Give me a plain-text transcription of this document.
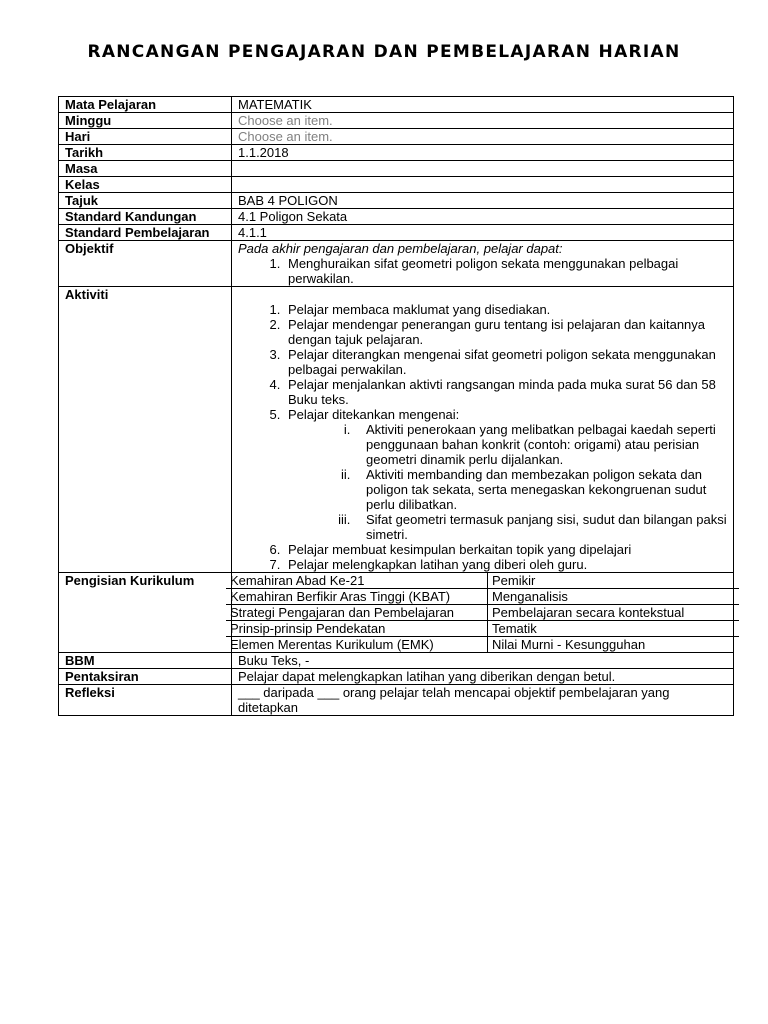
RANCANGAN PENGAJARAN DAN PEMBELAJARAN HARIAN
Mata Pelajaran	MATEMATIK
Minggu	Choose an item.
Hari	Choose an item.
Tarikh	1.1.2018
Masa	
Kelas	
Tajuk	BAB 4 POLIGON
Standard Kandungan	4.1 Poligon Sekata
Standard Pembelajaran	4.1.1
Objektif	Pada akhir pengajaran dan pembelajaran, pelajar dapat:
1. Menghuraikan sifat geometri poligon sekata menggunakan pelbagai perwakilan.

Aktiviti	
1. Pelajar membaca maklumat yang disediakan.
2. Pelajar mendengar penerangan guru tentang isi pelajaran dan kaitannya dengan tajuk pelajaran.
3. Pelajar diterangkan mengenai sifat geometri poligon sekata menggunakan pelbagai perwakilan.
4. Pelajar menjalankan aktivti rangsangan minda pada muka surat 56 dan 58 Buku teks.
5. Pelajar ditekankan mengenai:
i. Aktiviti penerokaan yang melibatkan pelbagai kaedah seperti penggunaan bahan konkrit (contoh: origami) atau perisian geometri dinamik perlu dijalankan.
ii. Aktiviti membanding dan membezakan poligon sekata dan poligon tak sekata, serta menegaskan kekongruenan sudut perlu dilibatkan.
iii. Sifat geometri termasuk panjang sisi, sudut dan bilangan paksi simetri.
6. Pelajar membuat kesimpulan berkaitan topik yang dipelajari
7. Pelajar melengkapkan latihan yang diberi oleh guru.

Pengisian Kurikulum		Kemahiran Abad Ke-21	Pemikir
Kemahiran Berfikir Aras Tinggi (KBAT)	Menganalisis
Strategi Pengajaran dan Pembelajaran	Pembelajaran secara kontekstual
Prinsip-prinsip Pendekatan	Tematik
Elemen Merentas Kurikulum (EMK)	Nilai Murni - Kesungguhan

BBM	Buku Teks, -
Pentaksiran	Pelajar dapat melengkapkan latihan yang diberikan dengan betul.
Refleksi	___ daripada ___ orang pelajar telah mencapai objektif pembelajaran yang ditetapkan
